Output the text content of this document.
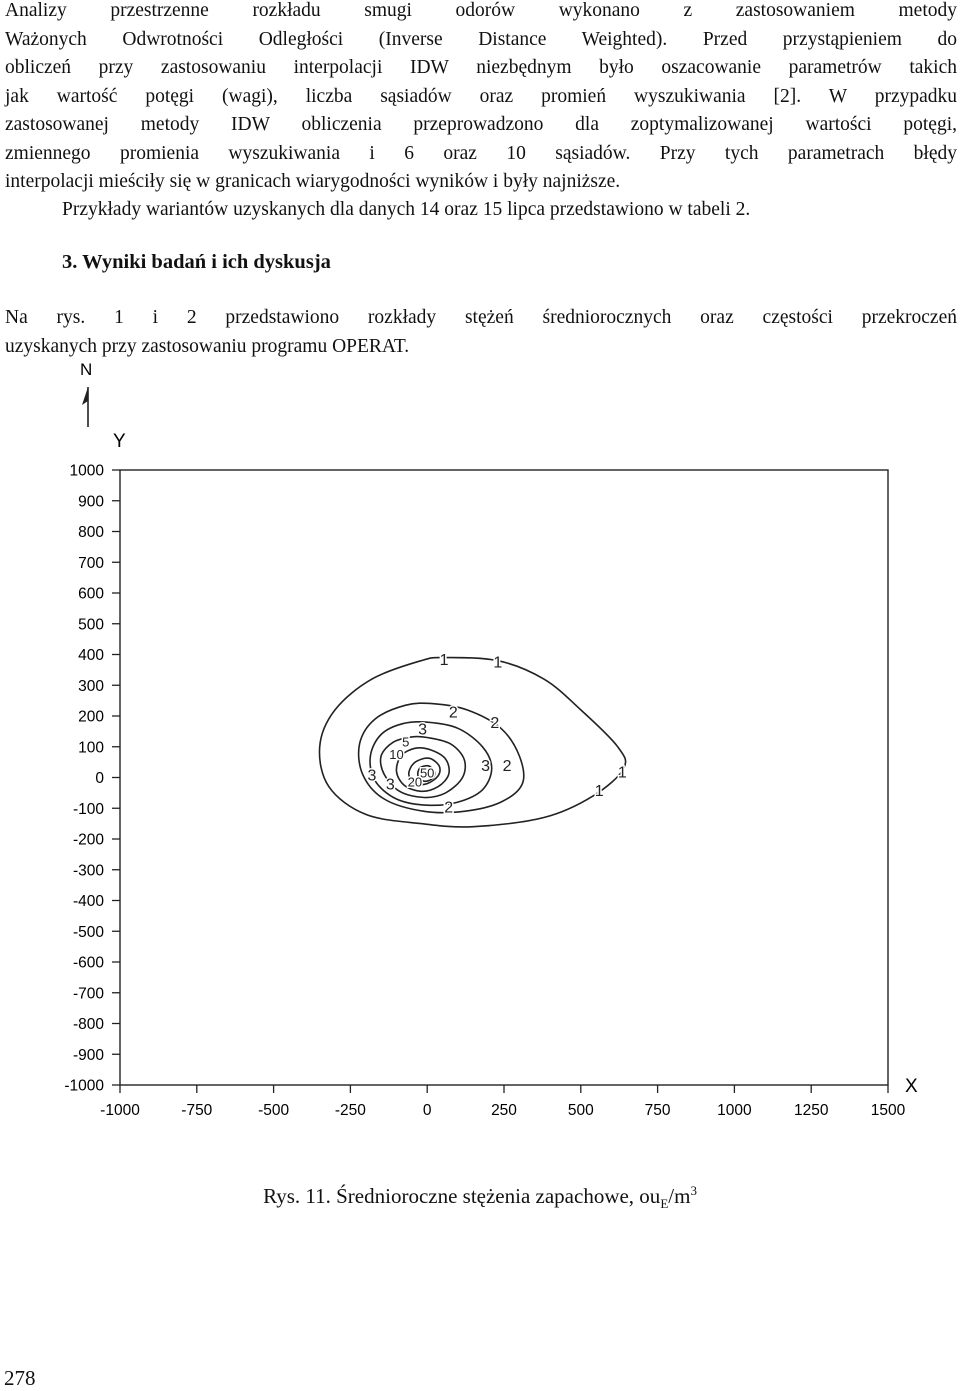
Analizy przestrzenne rozkładu smugi odorów wykonano z zastosowaniem metody
Ważonych Odwrotności Odległości (Inverse Distance Weighted). Przed przystąpieniem do
obliczeń przy zastosowaniu interpolacji IDW niezbędnym było oszacowanie parametrów takich
jak wartość potęgi (wagi), liczba sąsiadów oraz promień wyszukiwania [2]. W przypadku
zastosowanej metody IDW obliczenia przeprowadzono dla zoptymalizowanej wartości potęgi,
zmiennego promienia wyszukiwania i 6 oraz 10 sąsiadów. Przy tych parametrach błędy
interpolacji mieściły się w granicach wiarygodności wyników i były najniższe.
Przykłady wariantów uzyskanych dla danych 14 oraz 15 lipca przedstawiono w tabeli 2.
3. Wyniki badań i ich dyskusja
Na rys. 1 i 2 przedstawiono rozkłady stężeń średniorocznych oraz częstości przekroczeń
uzyskanych przy zastosowaniu programu OPERAT.
N
Y
X
1000
900
800
700
600
500
400
300
200
100
0
-100
-200
-300
-400
-500
-600
-700
-800
-900
-1000
-1000	-750	-500	-250	0	250	500	750	1000	1250	1500
1	1
1
1
2
2
2
2
3
3
3
3
5
10
20
50
Rys. 11. Średnioroczne stężenia zapachowe, $ou_E/m^3$
278
